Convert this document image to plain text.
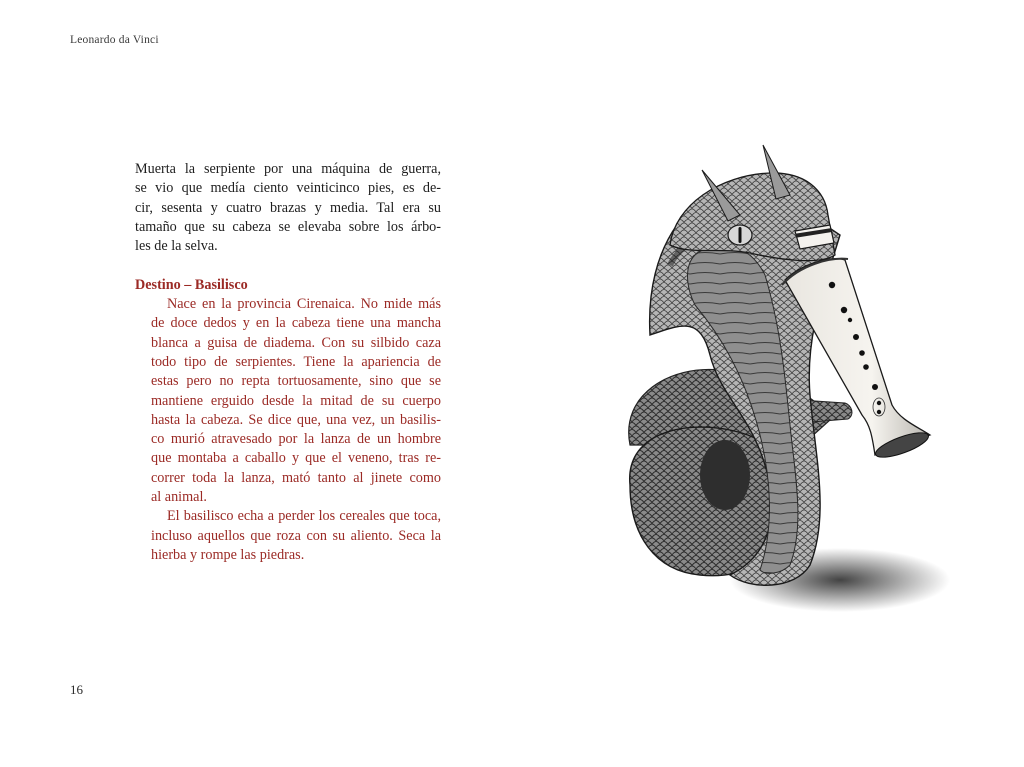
Leonardo da Vinci

Muerta la serpiente por una máquina de guerra,
se vio que medía ciento veinticinco pies, es de-
cir, sesenta y cuatro brazas y media. Tal era su
tamaño que su cabeza se elevaba sobre los árbo-
les de la selva.

Destino – Basilisco

Nace en la provincia Cirenaica. No mide más
de doce dedos y en la cabeza tiene una mancha
blanca a guisa de diadema. Con su silbido caza
todo tipo de serpientes. Tiene la apariencia de
estas pero no repta tortuosamente, sino que se
mantiene erguido desde la mitad de su cuerpo
hasta la cabeza. Se dice que, una vez, un basilis-
co murió atravesado por la lanza de un hombre
que montaba a caballo y que el veneno, tras re-
correr toda la lanza, mató tanto al jinete como
al animal.

El basilisco echa a perder los cereales que toca,
incluso aquellos que roza con su aliento. Seca la
hierba y rompe las piedras.

16
